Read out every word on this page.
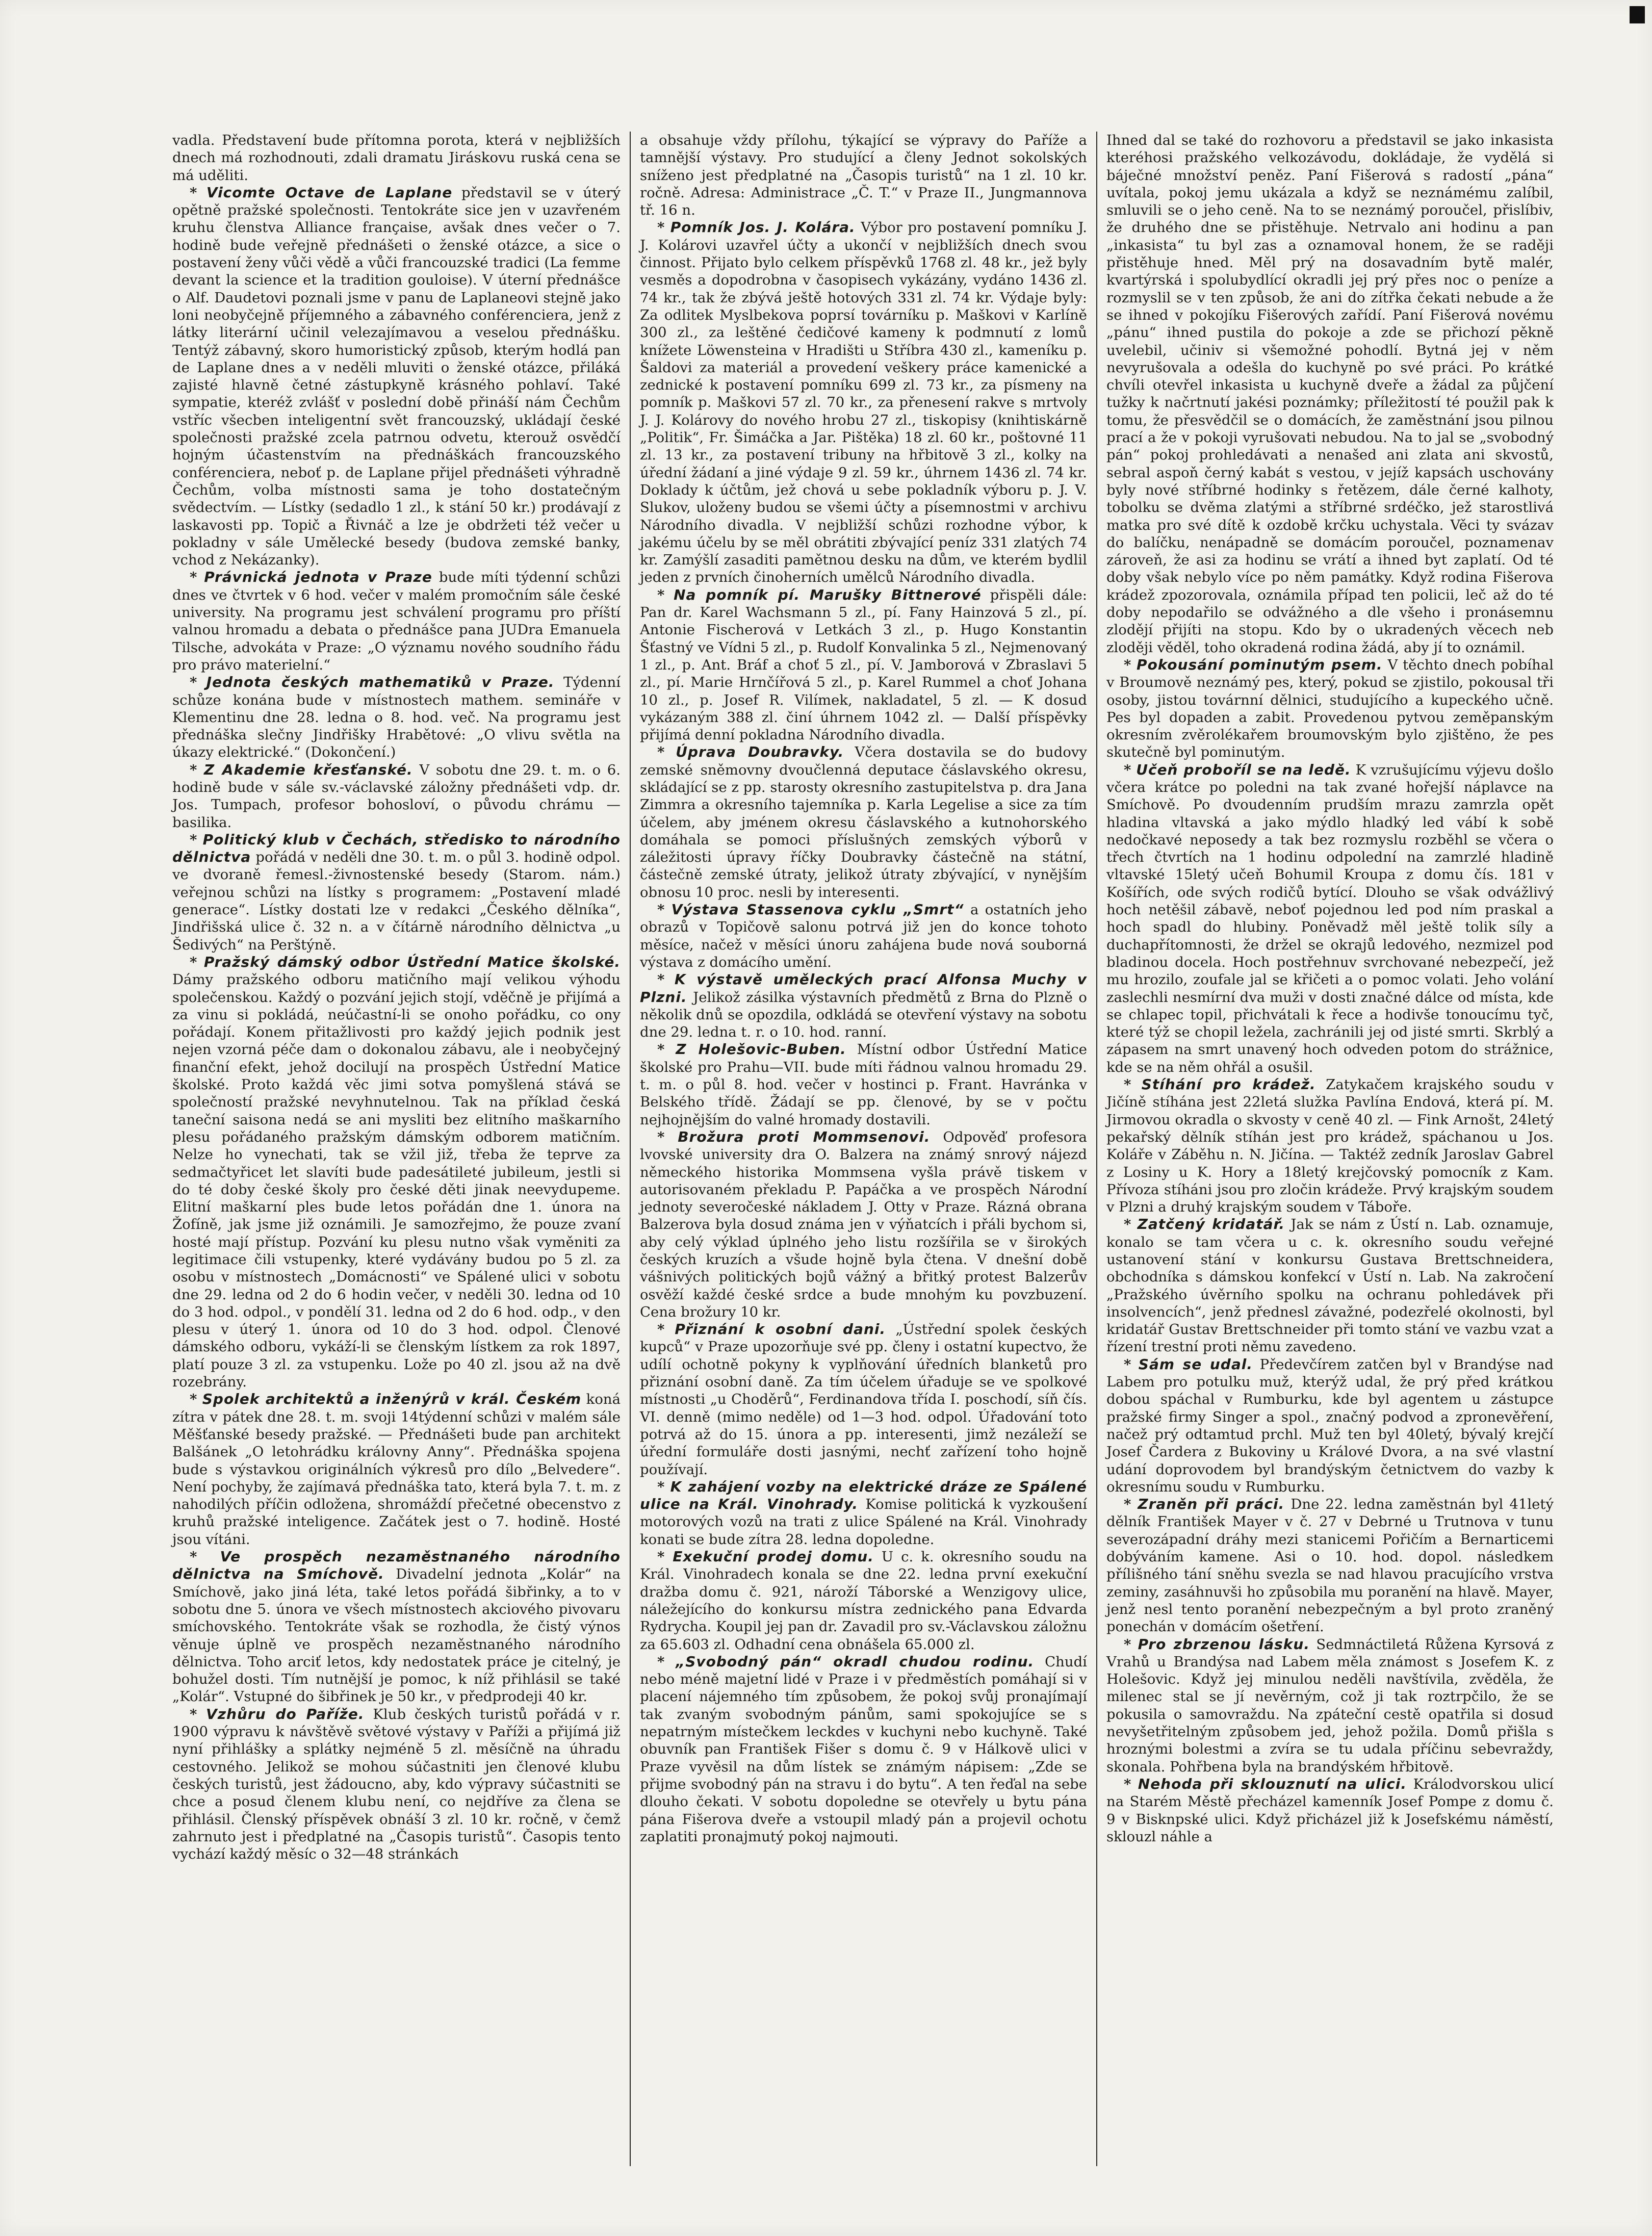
vadla. Představení bude přítomna porota, která v nejbližších dnech má rozhodnouti, zdali dramatu Jiráskovu ruská cena se má uděliti.

* Vicomte Octave de Laplane představil se v úterý opětně pražské společnosti. Tentokráte sice jen v uzavřeném kruhu členstva Alliance française, avšak dnes večer o 7. hodině bude veřejně přednášeti o ženské otázce, a sice o postavení ženy vůči vědě a vůči francouzské tradici (La femme devant la science et la tradition gouloise). V úterní přednášce o Alf. Daudetovi poznali jsme v panu de Laplaneovi stejně jako loni neobyčejně příjemného a zábavného conférenciera, jenž z látky literární učinil velezajímavou a veselou přednášku. Tentýž zábavný, skoro humoristický způsob, kterým hodlá pan de Laplane dnes a v neděli mluviti o ženské otázce, přiláká zajisté hlavně četné zástupkyně krásného pohlaví. Také sympatie, kteréž zvlášť v poslední době přináší nám Čechům vstříc všecben inteligentní svět francouzský, ukládají české společnosti pražské zcela patrnou odvetu, kterouž osvědčí hojným účastenstvím na přednáškách francouzského conférenciera, neboť p. de Laplane přijel přednášeti výhradně Čechům, volba místnosti sama je toho dostatečným svědectvím. — Lístky (sedadlo 1 zl., k stání 50 kr.) prodávají z laskavosti pp. Topič a Řivnáč a lze je obdržeti též večer u pokladny v sále Umělecké besedy (budova zemské banky, vchod z Nekázanky).

* Právnická jednota v Praze bude míti týdenní schůzi dnes ve čtvrtek v 6 hod. večer v malém promočním sále české university. Na programu jest schválení programu pro příští valnou hromadu a debata o přednášce pana JUDra Emanuela Tilsche, advokáta v Praze: „O významu nového soudního řádu pro právo materielní.“

* Jednota českých mathematiků v Praze. Týdenní schůze konána bude v místnostech mathem. semináře v Klementinu dne 28. ledna o 8. hod. več. Na programu jest přednáška slečny Jindřišky Hrabětové: „O vlivu světla na úkazy elektrické.“ (Dokončení.)

* Z Akademie křesťanské. V sobotu dne 29. t. m. o 6. hodině bude v sále sv.-václavské záložny přednášeti vdp. dr. Jos. Tumpach, profesor bohosloví, o původu chrámu — basilika.

* Politický klub v Čechách, středisko to národního dělnictva pořádá v neděli dne 30. t. m. o půl 3. hodině odpol. ve dvoraně řemesl.-živnostenské besedy (Starom. nám.) veřejnou schůzi na lístky s programem: „Postavení mladé generace“. Lístky dostati lze v redakci „Českého dělníka“, Jindřišská ulice č. 32 n. a v čítárně národního dělnictva „u Šedivých“ na Perštýně.

* Pražský dámský odbor Ústřední Matice školské. Dámy pražského odboru matičního mají velikou výhodu společenskou. Každý o pozvání jejich stojí, vděčně je přijímá a za vinu si pokládá, neúčastní-li se onoho pořádku, co ony pořádají. Konem přitažlivosti pro každý jejich podnik jest nejen vzorná péče dam o dokonalou zábavu, ale i neobyčejný finanční efekt, jehož docilují na prospěch Ústřední Matice školské. Proto každá věc jimi sotva pomyšlená stává se společností pražské nevyhnutelnou. Tak na příklad česká taneční saisona nedá se ani mysliti bez elitního maškarního plesu pořádaného pražským dámským odborem matičním. Nelze ho vynechati, tak se vžil již, třeba že teprve za sedmačtyřicet let slavíti bude padesátileté jubileum, jestli si do té doby české školy pro české děti jinak neevydupeme. Elitní maškarní ples bude letos pořádán dne 1. února na Žofíně, jak jsme již oznámili. Je samozřejmo, že pouze zvaní hosté mají přístup. Pozvání ku plesu nutno však vyměniti za legitimace čili vstupenky, které vydávány budou po 5 zl. za osobu v místnostech „Domácnosti“ ve Spálené ulici v sobotu dne 29. ledna od 2 do 6 hodin večer, v neděli 30. ledna od 10 do 3 hod. odpol., v pondělí 31. ledna od 2 do 6 hod. odp., v den plesu v úterý 1. února od 10 do 3 hod. odpol. Členové dámského odboru, vykáží-li se členským lístkem za rok 1897, platí pouze 3 zl. za vstupenku. Lože po 40 zl. jsou až na dvě rozebrány.

* Spolek architektů a inženýrů v král. Českém koná zítra v pátek dne 28. t. m. svoji 14týdenní schůzi v malém sále Měšťanské besedy pražské. — Přednášeti bude pan architekt Balšánek „O letohrádku královny Anny“. Přednáška spojena bude s výstavkou originálních výkresů pro dílo „Belvedere“. Není pochyby, že zajímavá přednáška tato, která byla 7. t. m. z nahodilých příčin odložena, shromáždí přečetné obecenstvo z kruhů pražské inteligence. Začátek jest o 7. hodině. Hosté jsou vítáni.

* Ve prospěch nezaměstnaného národního dělnictva na Smíchově. Divadelní jednota „Kolár“ na Smíchově, jako jiná léta, také letos pořádá šibřinky, a to v sobotu dne 5. února ve všech místnostech akciového pivovaru smíchovského. Tentokráte však se rozhodla, že čistý výnos věnuje úplně ve prospěch nezaměstnaného národního dělnictva. Toho arciť letos, kdy nedostatek práce je citelný, je bohužel dosti. Tím nutnější je pomoc, k níž přihlásil se také „Kolár“. Vstupné do šibřinek je 50 kr., v předprodeji 40 kr.

* Vzhůru do Paříže. Klub českých turistů pořádá v r. 1900 výpravu k návštěvě světové výstavy v Paříži a přijímá již nyní přihlášky a splátky nejméně 5 zl. měsíčně na úhradu cestovného. Jelikož se mohou súčastniti jen členové klubu českých turistů, jest žádoucno, aby, kdo výpravy súčastniti se chce a posud členem klubu není, co nejdříve za člena se přihlásil. Členský příspěvek obnáší 3 zl. 10 kr. ročně, v čemž zahrnuto jest i předplatné na „Časopis turistů“. Časopis tento vychází každý měsíc o 32—48 stránkách

a obsahuje vždy přílohu, týkající se výpravy do Paříže a tamnější výstavy. Pro studující a členy Jednot sokolských sníženo jest předplatné na „Časopis turistů“ na 1 zl. 10 kr. ročně. Adresa: Administrace „Č. T.“ v Praze II., Jungmannova tř. 16 n.

* Pomník Jos. J. Kolára. Výbor pro postavení pomníku J. J. Kolárovi uzavřel účty a ukončí v nejbližších dnech svou činnost. Přijato bylo celkem příspěvků 1768 zl. 48 kr., jež byly vesměs a dopodrobna v časopisech vykázány, vydáno 1436 zl. 74 kr., tak že zbývá ještě hotových 331 zl. 74 kr. Výdaje byly: Za odlitek Myslbekova poprsí továrníku p. Maškovi v Karlíně 300 zl., za leštěné čedičové kameny k podmnutí z lomů knížete Löwensteina v Hradišti u Stříbra 430 zl., kameníku p. Šaldovi za materiál a provedení veškery práce kamenické a zednické k postavení pomníku 699 zl. 73 kr., za písmeny na pomník p. Maškovi 57 zl. 70 kr., za přenesení rakve s mrtvoly J. J. Kolárovy do nového hrobu 27 zl., tiskopisy (knihtiskárně „Politik“, Fr. Šimáčka a Jar. Pištěka) 18 zl. 60 kr., poštovné 11 zl. 13 kr., za postavení tribuny na hřbitově 3 zl., kolky na úřední žádaní a jiné výdaje 9 zl. 59 kr., úhrnem 1436 zl. 74 kr. Doklady k účtům, jež chová u sebe pokladník výboru p. J. V. Slukov, uloženy budou se všemi účty a písemnostmi v archivu Národního divadla. V nejbližší schůzi rozhodne výbor, k jakému účelu by se měl obrátiti zbývající peníz 331 zlatých 74 kr. Zamýšlí zasaditi pamětnou desku na dům, ve kterém bydlil jeden z prvních činoherních umělců Národního divadla.

* Na pomník pí. Marušky Bittnerové přispěli dále: Pan dr. Karel Wachsmann 5 zl., pí. Fany Hainzová 5 zl., pí. Antonie Fischerová v Letkách 3 zl., p. Hugo Konstantin Šťastný ve Vídni 5 zl., p. Rudolf Konvalinka 5 zl., Nejmenovaný 1 zl., p. Ant. Bráf a choť 5 zl., pí. V. Jamborová v Zbraslavi 5 zl., pí. Marie Hrnčířová 5 zl., p. Karel Rummel a choť Johana 10 zl., p. Josef R. Vilímek, nakladatel, 5 zl. — K dosud vykázaným 388 zl. činí úhrnem 1042 zl. — Další příspěvky přijímá denní pokladna Národního divadla.

* Úprava Doubravky. Včera dostavila se do budovy zemské sněmovny dvoučlenná deputace čáslavského okresu, skládající se z pp. starosty okresního zastupitelstva p. dra Jana Zimmra a okresního tajemníka p. Karla Legelise a sice za tím účelem, aby jménem okresu čáslavského a kutnohorského domáhala se pomoci příslušných zemských výborů v záležitosti úpravy říčky Doubravky částečně na státní, částečně zemské útraty, jelikož útraty zbývající, v nynějším obnosu 10 proc. nesli by interesenti.

* Výstava Stassenova cyklu „Smrt“ a ostatních jeho obrazů v Topičově salonu potrvá již jen do konce tohoto měsíce, načež v měsíci únoru zahájena bude nová souborná výstava z domácího umění.

* K výstavě uměleckých prací Alfonsa Muchy v Plzni. Jelikož zásilka výstavních předmětů z Brna do Plzně o několik dnů se opozdila, odkládá se otevření výstavy na sobotu dne 29. ledna t. r. o 10. hod. ranní.

* Z Holešovic-Buben. Místní odbor Ústřední Matice školské pro Prahu—VII. bude míti řádnou valnou hromadu 29. t. m. o půl 8. hod. večer v hostinci p. Frant. Havránka v Belského třídě. Žádají se pp. členové, by se v počtu nejhojnějším do valné hromady dostavili.

* Brožura proti Mommsenovi. Odpověď profesora lvovské university dra O. Balzera na známý snrový nájezd německého historika Mommsena vyšla právě tiskem v autorisovaném překladu P. Papáčka a ve prospěch Národní jednoty severočeské nákladem J. Otty v Praze. Rázná obrana Balzerova byla dosud známa jen v výňatcích i přáli bychom si, aby celý výklad úplného jeho listu rozšířila se v širokých českých kruzích a všude hojně byla čtena. V dnešní době vášnivých politických bojů vážný a břitký protest Balzerův osvěží každé české srdce a bude mnohým ku povzbuzení. Cena brožury 10 kr.

* Přiznání k osobní dani. „Ústřední spolek českých kupců“ v Praze upozorňuje své pp. členy i ostatní kupectvo, že udílí ochotně pokyny k vyplňování úředních blanketů pro přiznání osobní daně. Za tím účelem úřaduje se ve spolkové místnosti „u Choděrů“, Ferdinandova třída I. poschodí, síň čís. VI. denně (mimo neděle) od 1—3 hod. odpol. Úřadování toto potrvá až do 15. února a pp. interesenti, jimž nezáleží se úřední formuláře dosti jasnými, nechť zařízení toho hojně používají.

* K zahájení vozby na elektrické dráze ze Spálené ulice na Král. Vinohrady. Komise politická k vyzkoušení motorových vozů na trati z ulice Spálené na Král. Vinohrady konati se bude zítra 28. ledna dopoledne.

* Exekuční prodej domu. U c. k. okresního soudu na Král. Vinohradech konala se dne 22. ledna první exekuční dražba domu č. 921, nároží Táborské a Wenzigovy ulice, náležejícího do konkursu místra zednického pana Edvarda Rydrycha. Koupil jej pan dr. Zavadil pro sv.-Václavskou záložnu za 65.603 zl. Odhadní cena obnášela 65.000 zl.

* „Svobodný pán“ okradl chudou rodinu. Chudí nebo méně majetní lidé v Praze i v předměstích pomáhají si v placení nájemného tím způsobem, že pokoj svůj pronajímají tak zvaným svobodným pánům, sami spokojujíce se s nepatrným místečkem leckdes v kuchyni nebo kuchyně. Také obuvník pan František Fišer s domu č. 9 v Hálkově ulici v Praze vyvěsil na dům lístek se známým nápisem: „Zde se přijme svobodný pán na stravu i do bytu“. A ten řeďal na sebe dlouho čekati. V sobotu dopoledne se otevřely u bytu pána pána Fišerova dveře a vstoupil mladý pán a projevil ochotu zaplatiti pronajmutý pokoj najmouti.

Ihned dal se také do rozhovoru a představil se jako inkasista kteréhosi pražského velkozávodu, dokládaje, že vydělá si báječné množství peněz. Paní Fišerová s radostí „pána“ uvítala, pokoj jemu ukázala a když se neznámému zalíbil, smluvili se o jeho ceně. Na to se neznámý poroučel, přislíbiv, že druhého dne se přistěhuje. Netrvalo ani hodinu a pan „inkasista“ tu byl zas a oznamoval honem, že se raději přistěhuje hned. Měl prý na dosavadním bytě malér, kvartýrská i spolubydlící okradli jej prý přes noc o peníze a rozmyslil se v ten způsob, že ani do zítřka čekati nebude a že se ihned v pokojíku Fišerových zařídí. Paní Fišerová novému „pánu“ ihned pustila do pokoje a zde se přichozí pěkně uvelebil, učiniv si všemožné pohodlí. Bytná jej v něm nevyrušovala a odešla do kuchyně po své práci. Po krátké chvíli otevřel inkasista u kuchyně dveře a žádal za půjčení tužky k načrtnutí jakési poznámky; příležitostí té použil pak k tomu, že přesvědčil se o domácích, že zaměstnání jsou pilnou prací a že v pokoji vyrušovati nebudou. Na to jal se „svobodný pán“ pokoj prohledávati a nenašed ani zlata ani skvostů, sebral aspoň černý kabát s vestou, v jejíž kapsách uschovány byly nové stříbrné hodinky s řetězem, dále černé kalhoty, tobolku se dvěma zlatými a stříbrné srdéčko, jež starostlivá matka pro své dítě k ozdobě krčku uchystala. Věci ty svázav do balíčku, nenápadně se domácím poroučel, poznamenav zároveň, že asi za hodinu se vrátí a ihned byt zaplatí. Od té doby však nebylo více po něm památky. Když rodina Fišerova krádež zpozorovala, oznámila případ ten policii, leč až do té doby nepodařilo se odvážného a dle všeho i pronásemnu zlodějí přijíti na stopu. Kdo by o ukradených věcech neb zloději věděl, toho okradená rodina žádá, aby jí to oznámil.

* Pokousání pominutým psem. V těchto dnech pobíhal v Broumově neznámý pes, který, pokud se zjistilo, pokousal tři osoby, jistou továrnní dělnici, studujícího a kupeckého učně. Pes byl dopaden a zabit. Provedenou pytvou zeměpanským okresním zvěrolékařem broumovským bylo zjištěno, že pes skutečně byl pominutým.

* Učeň proboříl se na ledě. K vzrušujícímu výjevu došlo včera krátce po poledni na tak zvané hořejší náplavce na Smíchově. Po dvoudenním prudším mrazu zamrzla opět hladina vltavská a jako mýdlo hladký led vábí k sobě nedočkavé neposedy a tak bez rozmyslu rozběhl se včera o třech čtvrtích na 1 hodinu odpolední na zamrzlé hladině vltavské 15letý učeň Bohumil Kroupa z domu čís. 181 v Košířích, ode svých rodičů bytící. Dlouho se však odvážlivý hoch netěšil zábavě, neboť pojednou led pod ním praskal a hoch spadl do hlubiny. Poněvadž měl ještě tolik síly a duchapřítomnosti, že držel se okrajů ledového, nezmizel pod bladinou docela. Hoch postřehnuv svrchované nebezpečí, jež mu hrozilo, zoufale jal se křičeti a o pomoc volati. Jeho volání zaslechli nesmírní dva muži v dosti značné dálce od místa, kde se chlapec topil, přichvátali k řece a hodivše tonoucímu tyč, které týž se chopil ležela, zachránili jej od jisté smrti. Skrblý a zápasem na smrt unavený hoch odveden potom do strážnice, kde se na něm ohřál a osušil.

* Stíhání pro krádež. Zatykačem krajského soudu v Jičíně stíhána jest 22letá služka Pavlína Endová, která pí. M. Jirmovou okradla o skvosty v ceně 40 zl. — Fink Arnošt, 24letý pekařský dělník stíhán jest pro krádež, spáchanou u Jos. Koláře v Záběhu n. N. Jičína. — Taktéž zedník Jaroslav Gabrel z Losiny u K. Hory a 18letý krejčovský pomocník z Kam. Přívoza stíháni jsou pro zločin krádeže. Prvý krajským soudem v Plzni a druhý krajským soudem v Táboře.

* Zatčený kridatář. Jak se nám z Ústí n. Lab. oznamuje, konalo se tam včera u c. k. okresního soudu veřejné ustanovení stání v konkursu Gustava Brettschneidera, obchodníka s dámskou konfekcí v Ústí n. Lab. Na zakročení „Pražského úvěrního spolku na ochranu pohledávek při insolvencích“, jenž přednesl závažné, podezřelé okolnosti, byl kridatář Gustav Brettschneider při tomto stání ve vazbu vzat a řízení trestní proti němu zavedeno.

* Sám se udal. Předevčírem zatčen byl v Brandýse nad Labem pro potulku muž, kterýž udal, že prý před krátkou dobou spáchal v Rumburku, kde byl agentem u zástupce pražské firmy Singer a spol., značný podvod a zpronevěření, načež prý odtamtud prchl. Muž ten byl 40letý, bývalý krejčí Josef Čardera z Bukoviny u Králové Dvora, a na své vlastní udání doprovodem byl brandýským četnictvem do vazby k okresnímu soudu v Rumburku.

* Zraněn při práci. Dne 22. ledna zaměstnán byl 41letý dělník František Mayer v č. 27 v Debrné u Trutnova v tunu severozápadní dráhy mezi stanicemi Pořičím a Bernarticemi dobýváním kamene. Asi o 10. hod. dopol. následkem přílišného tání sněhu svezla se nad hlavou pracujícího vrstva zeminy, zasáhnuvši ho způsobila mu poranění na hlavě. Mayer, jenž nesl tento poranění nebezpečným a byl proto zraněný ponechán v domácím ošetření.

* Pro zbrzenou lásku. Sedmnáctiletá Růžena Kyrsová z Vrahů u Brandýsa nad Labem měla známost s Josefem K. z Holešovic. Když jej minulou neděli navštívila, zvěděla, že milenec stal se jí nevěrným, což ji tak roztrpčilo, že se pokusila o samovraždu. Na zpáteční cestě opatřila si dosud nevyšetřitelným způsobem jed, jehož požila. Domů přišla s hroznými bolestmi a zvíra se tu udala příčinu sebevraždy, skonala. Pohřbena byla na brandýském hřbitově.

* Nehoda při sklouznutí na ulici. Králodvorskou ulicí na Starém Městě přecházel kamenník Josef Pompe z domu č. 9 v Bisknpské ulici. Když přicházel již k Josefskému náměstí, sklouzl náhle a
